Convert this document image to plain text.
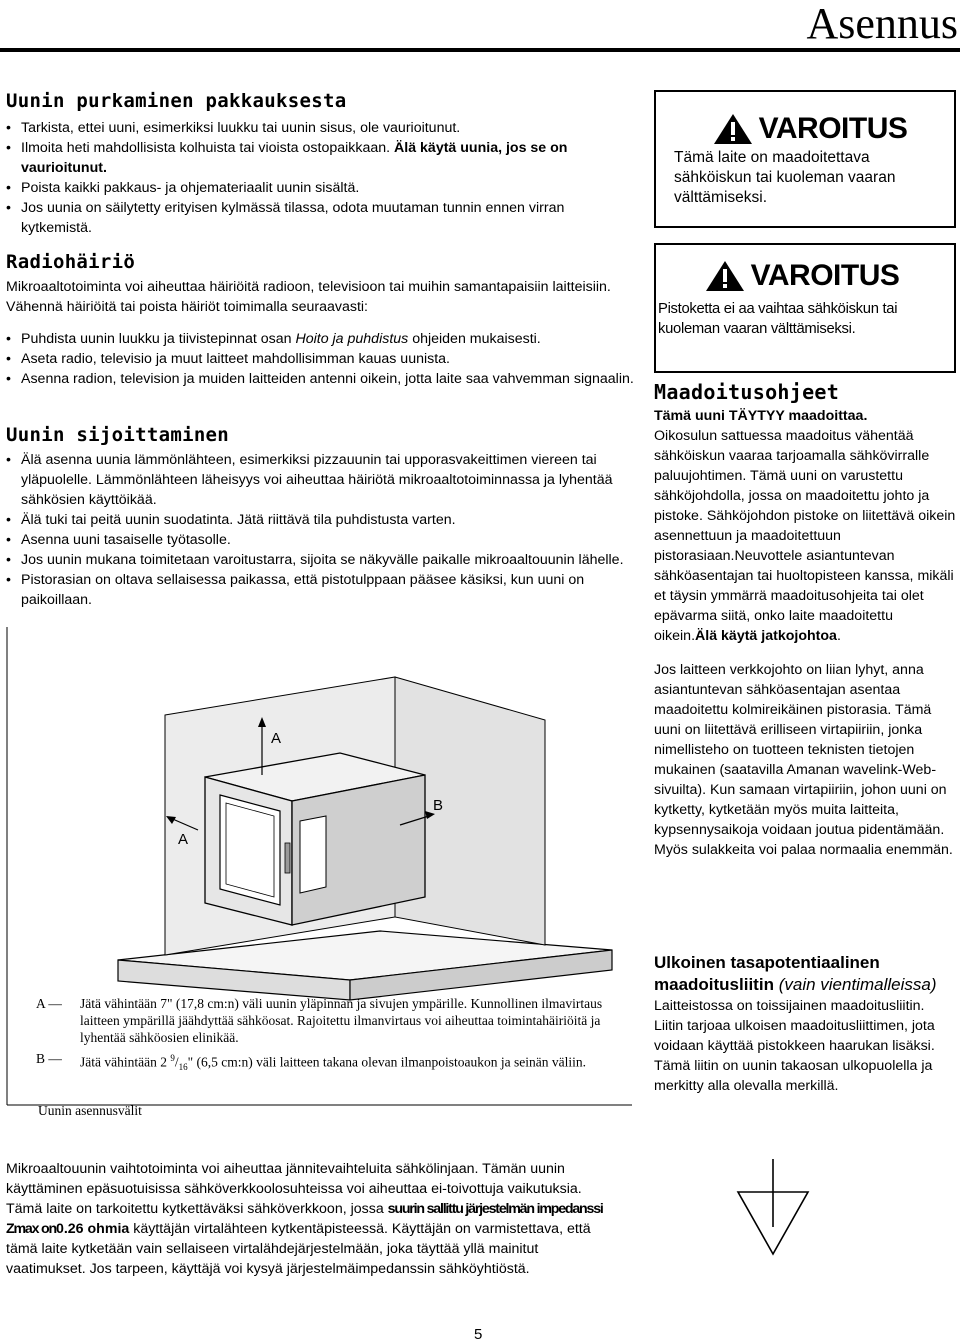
Asennus
Uunin purkaminen pakkauksesta
• Tarkista, ettei uuni, esimerkiksi luukku tai uunin sisus, ole vaurioitunut.
• Ilmoita heti mahdollisista kolhuista tai vioista ostopaikkaan. Älä käytä uunia, jos se on vaurioitunut.
• Poista kaikki pakkaus- ja ohjemateriaalit uunin sisältä.
• Jos uunia on säilytetty erityisen kylmässä tilassa, odota muutaman tunnin ennen virran kytkemistä.
Radiohäiriö

Mikroaaltotoiminta voi aiheuttaa häiriöitä radioon, televisioon tai muihin samantapaisiin laitteisiin. Vähennä häiriöitä tai poista häiriöt toimimalla seuraavasti:

• Puhdista uunin luukku ja tiivistepinnat osan Hoito ja puhdistus ohjeiden mukaisesti.
• Aseta radio, televisio ja muut laitteet mahdollisimman kauas uunista.
• Asenna radion, television ja muiden laitteiden antenni oikein, jotta laite saa vahvemman signaalin.
Uunin sijoittaminen
• Älä asenna uunia lämmönlähteen, esimerkiksi pizzauunin tai upporasvakeittimen viereen tai yläpuolelle. Lämmönlähteen läheisyys voi aiheuttaa häiriötä mikroaaltotoiminnassa ja lyhentää sähkösien käyttöikää.
• Älä tuki tai peitä uunin suodatinta. Jätä riittävä tila puhdistusta varten.
• Asenna uuni tasaiselle työtasolle.
• Jos uunin mukana toimitetaan varoitustarra, sijoita se näkyvälle paikalle mikroaaltouunin lähelle.
• Pistorasian on oltava sellaisessa paikassa, että pistotulppaan pääsee käsiksi, kun uuni on paikoillaan.
A
A
B
A —	Jätä vähintään 7" (17,8 cm:n) väli uunin yläpinnan ja sivujen ympärille. Kunnollinen ilmavirtaus laitteen ympärillä jäähdyttää sähköosat. Rajoitettu ilmanvirtaus voi aiheuttaa toimintahäiriöitä ja lyhentää sähköosien elinikää.
B —	Jätä vähintään 2 $^9/_{16}$" (6,5 cm:n) väli laitteen takana olevan ilmanpoistoaukon ja seinän väliin.
Uunin asennusvälit
VAROITUS

Tämä laite on maadoitettava sähköiskun tai kuoleman vaaran välttämiseksi.

VAROITUS

Pistoketta ei aa vaihtaa sähköiskun tai kuoleman vaaran välttämiseksi.

Maadoitusohjeet

Tämä uuni TÄYTYY maadoittaa.

Oikosulun sattuessa maadoitus vähentää sähköiskun vaaraa tarjoamalla sähkövirralle paluujohtimen. Tämä uuni on varustettu sähköjohdolla, jossa on maadoitettu johto ja pistoke. Sähköjohdon pistoke on liitettävä oikein asennettuun ja maadoitettuun pistorasiaan.Neuvottele asiantuntevan sähköasentajan tai huoltopisteen kanssa, mikäli et täysin ymmärrä maadoitusohjeita tai olet epävarma siitä, onko laite maadoitettu oikein.Älä käytä jatkojohtoa.

Jos laitteen verkkojohto on liian lyhyt, anna asiantuntevan sähköasentajan asentaa maadoitettu kolmireikäinen pistorasia. Tämä uuni on liitettävä erilliseen virtapiiriin, jonka nimellisteho on tuotteen teknisten tietojen mukainen (saatavilla Amanan wavelink-Web-sivuilta). Kun samaan virtapiiriin, johon uuni on kytketty, kytketään myös muita laitteita, kypsennysaikoja voidaan joutua pidentämään. Myös sulakkeita voi palaa normaalia enemmän.

Ulkoinen tasapotentiaalinen maadoitusliitin (vain vientimalleissa)

Laitteistossa on toissijainen maadoitusliitin. Liitin tarjoaa ulkoisen maadoitusliittimen, jota voidaan käyttää pistokkeen haarukan lisäksi. Tämä liitin on uunin takaosan ulkopuolella ja merkitty alla olevalla merkillä.

Mikroaaltouunin vaihtotoiminta voi aiheuttaa jännitevaihteluita sähkölinjaan. Tämän uunin käyttäminen epäsuotuisissa sähköverkkoolosuhteissa voi aiheuttaa ei-toivottuja vaikutuksia. Tämä laite on tarkoitettu kytkettäväksi sähköverkkoon, jossa suurin sallittu järjestelmän impedanssi Zmax on0.26 ohmia käyttäjän virtalähteen kytkentäpisteessä. Käyttäjän on varmistettava, että tämä laite kytketään vain sellaiseen virtalähdejärjestelmään, joka täyttää yllä mainitut vaatimukset. Jos tarpeen, käyttäjä voi kysyä järjestelmäimpedanssin sähköyhtiöstä.
5
